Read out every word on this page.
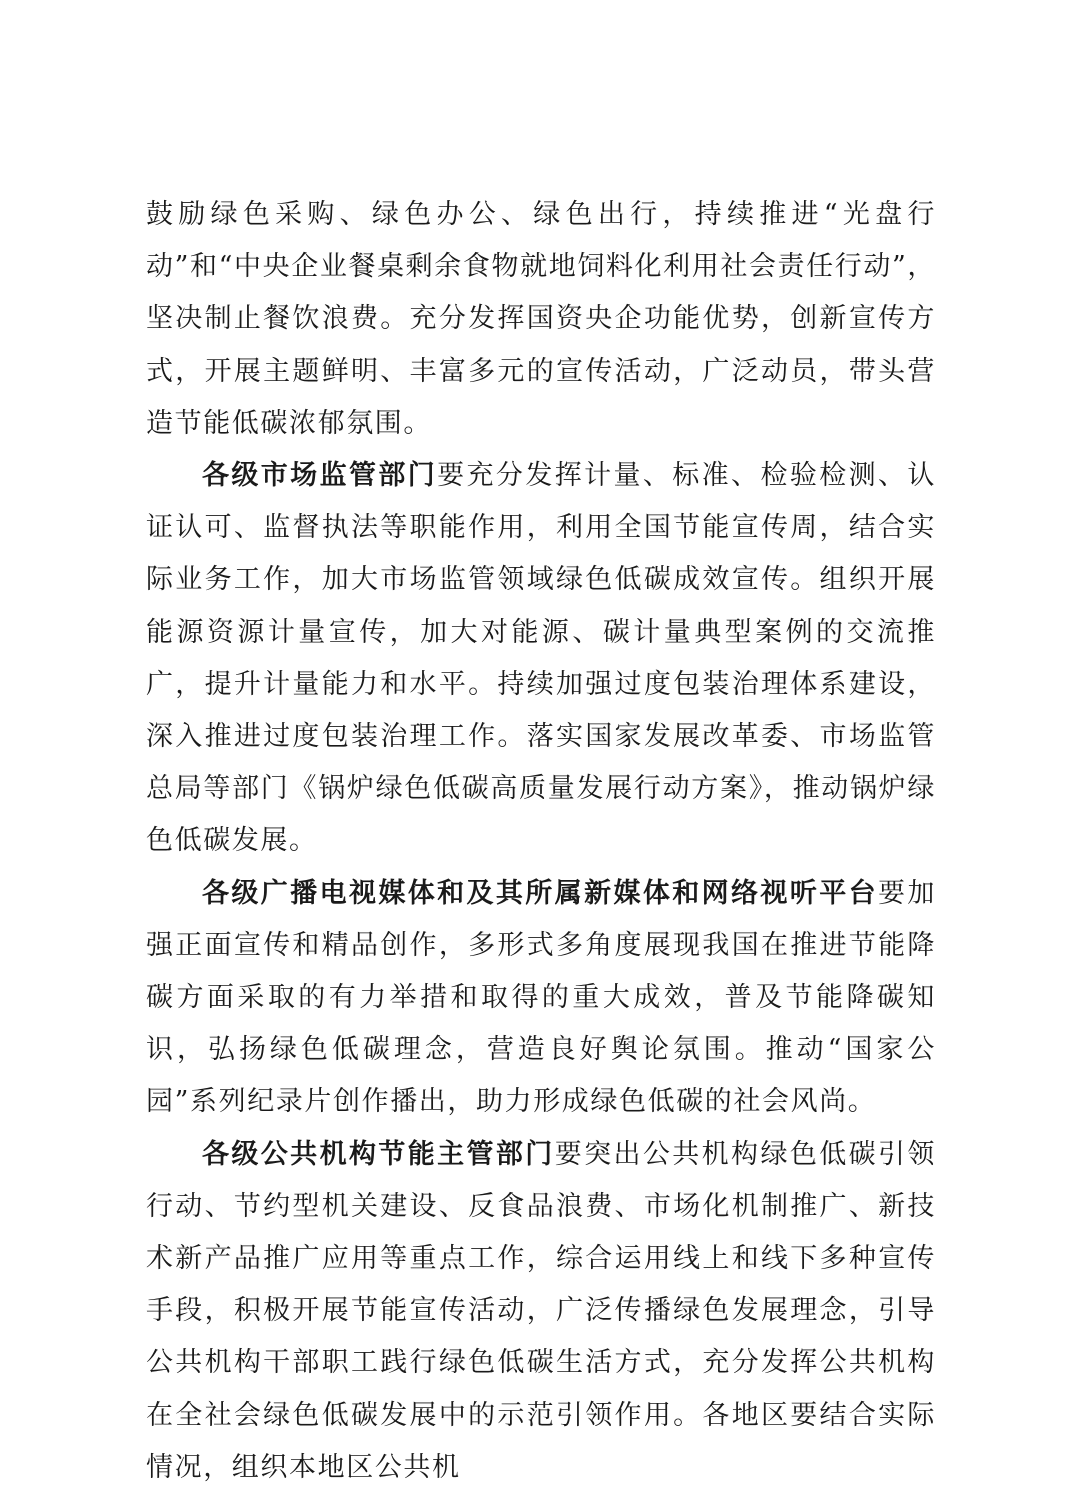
鼓励绿色采购、绿色办公、绿色出行，持续推进“光盘行动”和“中央企业餐桌剩余食物就地饲料化利用社会责任行动”，坚决制止餐饮浪费。充分发挥国资央企功能优势，创新宣传方式，开展主题鲜明、丰富多元的宣传活动，广泛动员，带头营造节能低碳浓郁氛围。

各级市场监管部门要充分发挥计量、标准、检验检测、认证认可、监督执法等职能作用，利用全国节能宣传周，结合实际业务工作，加大市场监管领域绿色低碳成效宣传。组织开展能源资源计量宣传，加大对能源、碳计量典型案例的交流推广，提升计量能力和水平。持续加强过度包装治理体系建设，深入推进过度包装治理工作。落实国家发展改革委、市场监管总局等部门《锅炉绿色低碳高质量发展行动方案》，推动锅炉绿色低碳发展。

各级广播电视媒体和及其所属新媒体和网络视听平台要加强正面宣传和精品创作，多形式多角度展现我国在推进节能降碳方面采取的有力举措和取得的重大成效，普及节能降碳知识，弘扬绿色低碳理念，营造良好舆论氛围。推动“国家公园”系列纪录片创作播出，助力形成绿色低碳的社会风尚。

各级公共机构节能主管部门要突出公共机构绿色低碳引领行动、节约型机关建设、反食品浪费、市场化机制推广、新技术新产品推广应用等重点工作，综合运用线上和线下多种宣传手段，积极开展节能宣传活动，广泛传播绿色发展理念，引导公共机构干部职工践行绿色低碳生活方式，充分发挥公共机构在全社会绿色低碳发展中的示范引领作用。各地区要结合实际情况，组织本地区公共机
